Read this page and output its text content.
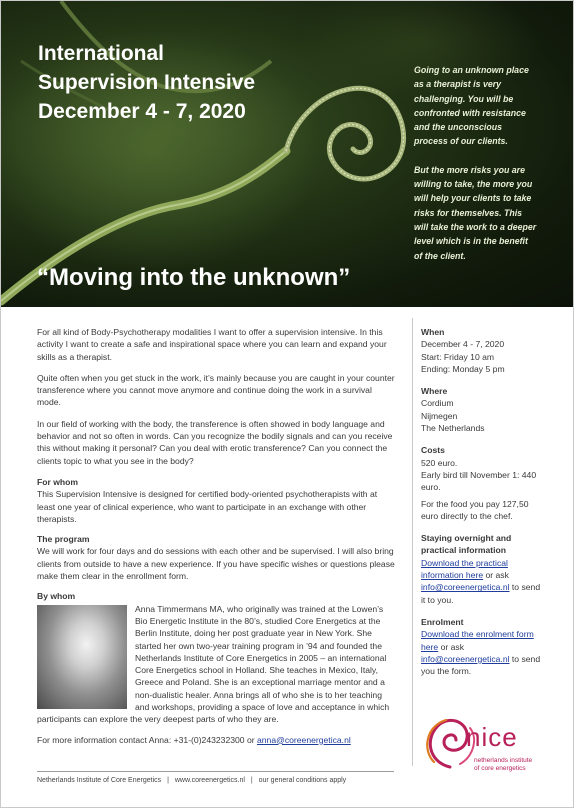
International
Supervision Intensive
December 4 - 7, 2020
“Moving into the unknown”

Going to an unknown place as a therapist is very challenging. You will be confronted with resistance and the unconscious process of our clients.

But the more risks you are willing to take, the more you will help your clients to take risks for themselves. This will take the work to a deeper level which is in the benefit of the client.

For all kind of Body-Psychotherapy modalities I want to offer a supervision intensive. In this activity I want to create a safe and inspirational space where you can learn and expand your skills as a therapist.

Quite often when you get stuck in the work, it’s mainly because you are caught in your counter transference where you cannot move anymore and continue doing the work in a survival mode.

In our field of working with the body, the transference is often showed in body language and behavior and not so often in words. Can you recognize the bodily signals and can you receive this without making it personal? Can you deal with erotic transference? Can you connect the clients topic to what you see in the body?

For whom
This Supervision Intensive is designed for certified body-oriented psychotherapists with at least one year of clinical experience, who want to participate in an exchange with other therapists.
The program
We will work for four days and do sessions with each other and be supervised. I will also bring clients from outside to have a new experience. If you have specific wishes or questions please make them clear in the enrollment form.
By whom
Anna Timmermans MA, who originally was trained at the Lowen’s Bio Energetic Institute in the 80’s, studied Core Energetics at the Berlin Institute, doing her post graduate year in New York. She started her own two-year training program in ’94 and founded the Netherlands Institute of Core Energetics in 2005 – an international Core Energetics school in Holland. She teaches in Mexico, Italy, Greece and Poland. She is an exceptional marriage mentor and a non-dualistic healer. Anna brings all of who she is to her teaching and workshops, providing a space of love and acceptance in which participants can explore the very deepest parts of who they are.
For more information contact Anna: +31-(0)243232300 or anna@coreenergetica.nl
When
December 4 - 7, 2020
Start: Friday 10 am
Ending: Monday 5 pm
Where
Cordium
Nijmegen
The Netherlands
Costs
520 euro.
Early bird till November 1: 440 euro.
For the food you pay 127,50 euro directly to the chef.
Staying overnight and practical information
Download the practical information here or ask info@coreenergetica.nl to send it to you.
Enrolment
Download the enrolment form here or ask info@coreenergetica.nl to send you the form.
nice
netherlands institute
of core energetics
Netherlands Institute of Core Energetics | www.coreenergetics.nl | our general conditions apply
